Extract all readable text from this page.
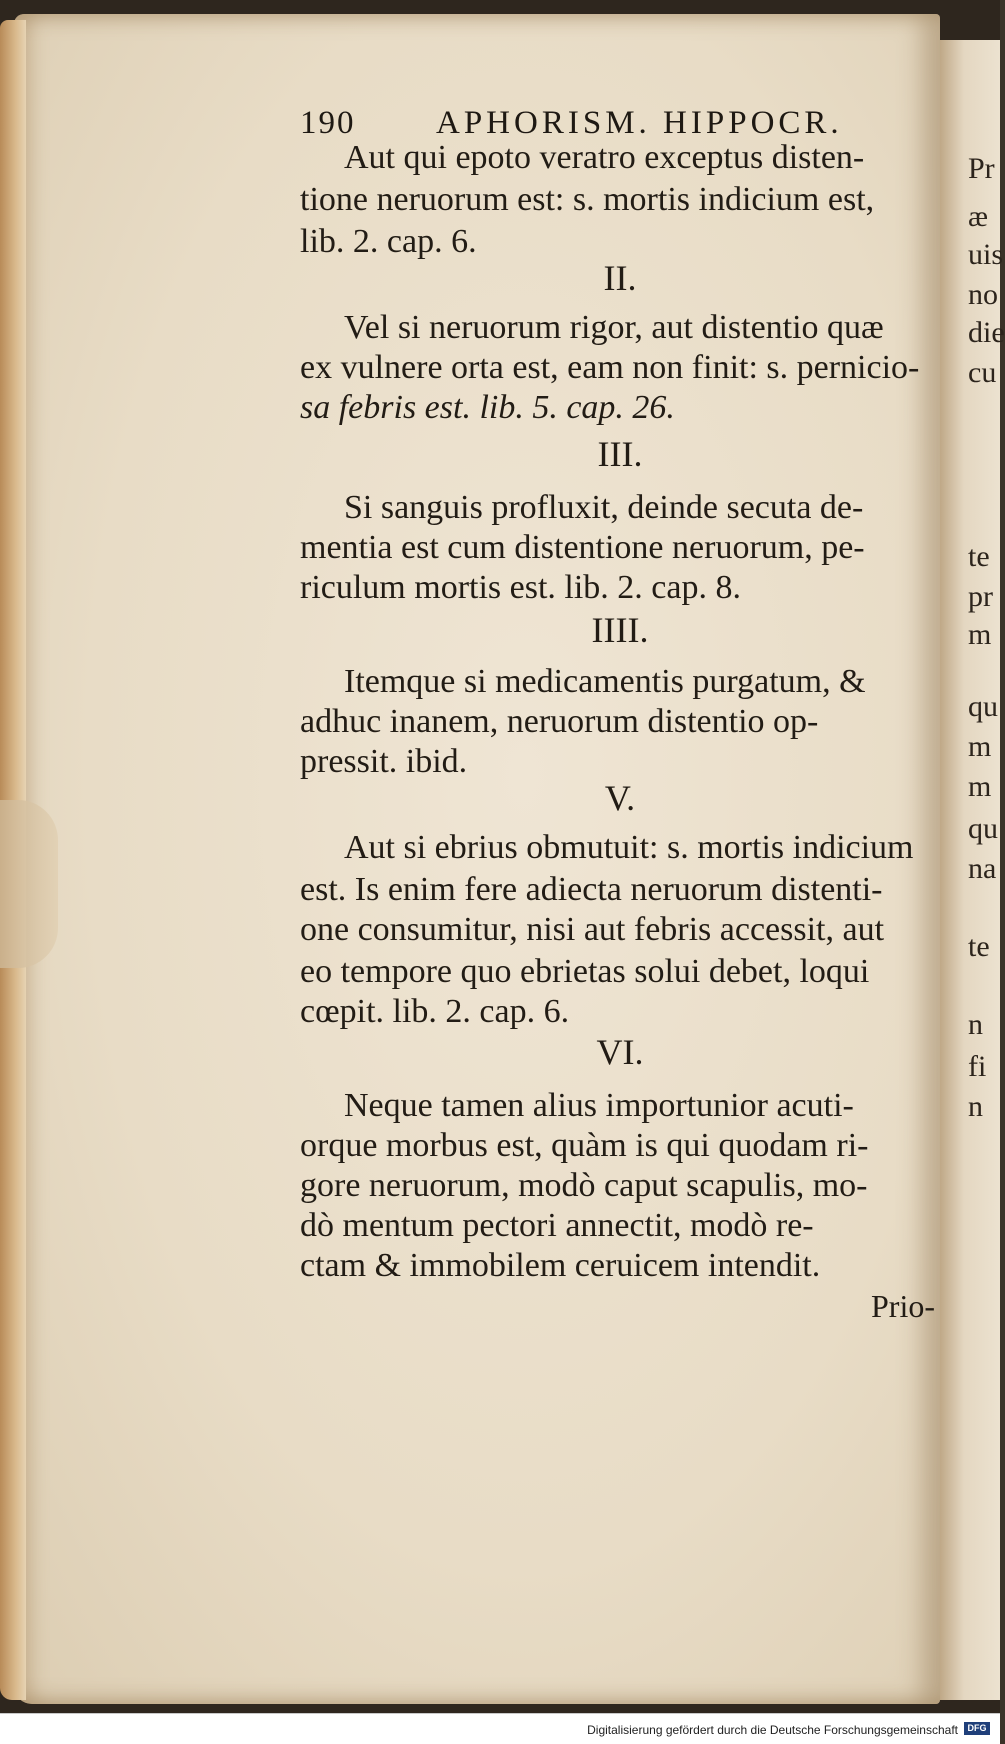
Pr
æ
uis
no
die
cu
te
pr
m
qu
m
m
qu
na
te
n
fi
n
190 APHORISM. HIPPOCR.
Aut qui epoto veratro exceptus disten-
tione neruorum est: s. mortis indicium est,
lib. 2. cap. 6.
II.
Vel si neruorum rigor, aut distentio quæ
ex vulnere orta est, eam non finit: s. pernicio-
sa febris est. lib. 5. cap. 26.
III.
Si sanguis profluxit, deinde secuta de-
mentia est cum distentione neruorum, pe-
riculum mortis est. lib. 2. cap. 8.
IIII.
Itemque si medicamentis purgatum, &
adhuc inanem, neruorum distentio op-
pressit. ibid.
V.
Aut si ebrius obmutuit: s. mortis indicium
est. Is enim fere adiecta neruorum distenti-
one consumitur, nisi aut febris accessit, aut
eo tempore quo ebrietas solui debet, loqui
cœpit. lib. 2. cap. 6.
VI.
Neque tamen alius importunior acuti-
orque morbus est, quàm is qui quodam ri-
gore neruorum, modò caput scapulis, mo-
dò mentum pectori annectit, modò re-
ctam & immobilem ceruicem intendit.
Prio-
Digitalisierung gefördert durch die Deutsche Forschungsgemeinschaft	DFG
